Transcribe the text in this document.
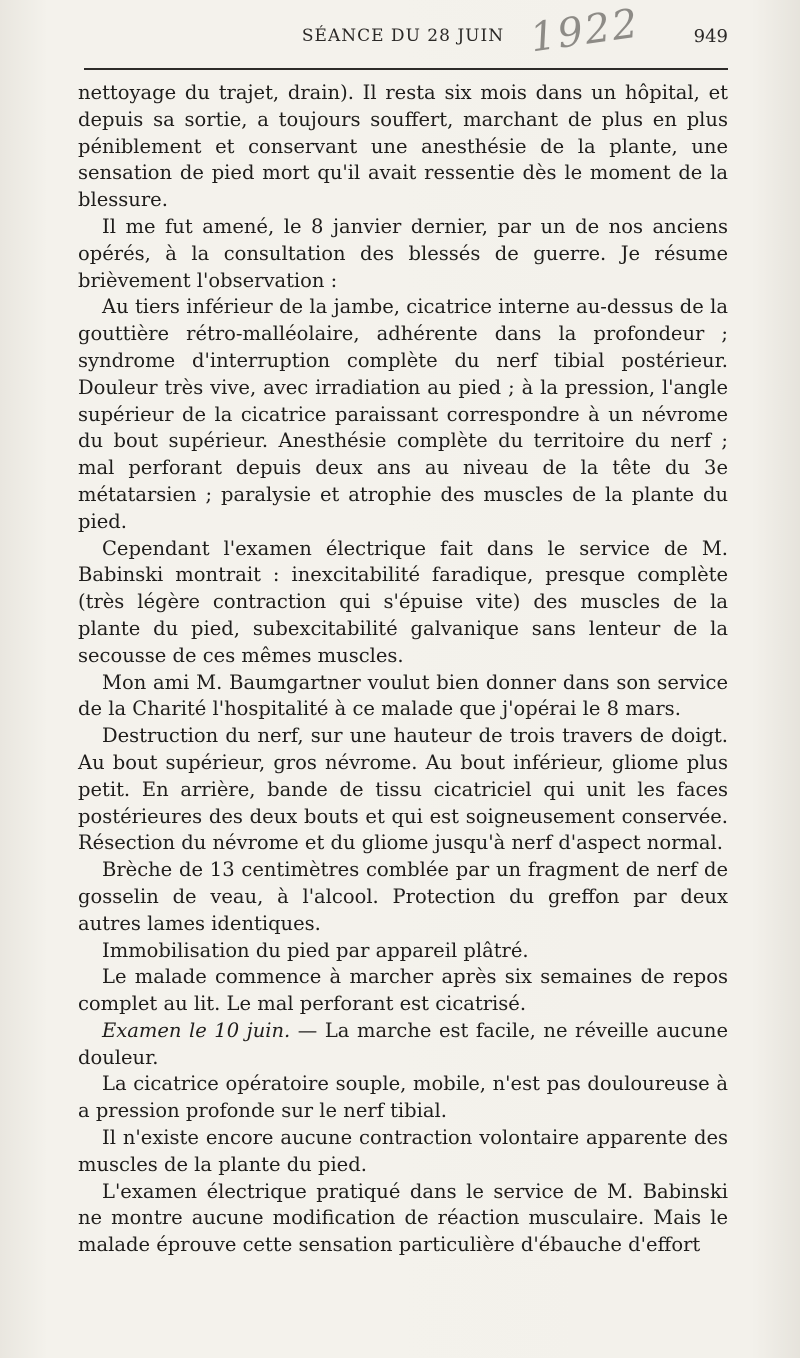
SÉANCE DU 28 JUIN 1922	949

nettoyage du trajet, drain). Il resta six mois dans un hôpital, et depuis sa sortie, a toujours souffert, marchant de plus en plus péniblement et conservant une anesthésie de la plante, une sensation de pied mort qu'il avait ressentie dès le moment de la blessure.

Il me fut amené, le 8 janvier dernier, par un de nos anciens opérés, à la consultation des blessés de guerre. Je résume brièvement l'observation :

Au tiers inférieur de la jambe, cicatrice interne au-dessus de la gouttière rétro-malléolaire, adhérente dans la profondeur ; syndrome d'interruption complète du nerf tibial postérieur. Douleur très vive, avec irradiation au pied ; à la pression, l'angle supérieur de la cicatrice paraissant correspondre à un névrome du bout supérieur. Anesthésie complète du territoire du nerf ; mal perforant depuis deux ans au niveau de la tête du 3e métatarsien ; paralysie et atrophie des muscles de la plante du pied.

Cependant l'examen électrique fait dans le service de M. Babinski montrait : inexcitabilité faradique, presque complète (très légère contraction qui s'épuise vite) des muscles de la plante du pied, subexcitabilité galvanique sans lenteur de la secousse de ces mêmes muscles.

Mon ami M. Baumgartner voulut bien donner dans son service de la Charité l'hospitalité à ce malade que j'opérai le 8 mars.

Destruction du nerf, sur une hauteur de trois travers de doigt. Au bout supérieur, gros névrome. Au bout inférieur, gliome plus petit. En arrière, bande de tissu cicatriciel qui unit les faces postérieures des deux bouts et qui est soigneusement conservée. Résection du névrome et du gliome jusqu'à nerf d'aspect normal.

Brèche de 13 centimètres comblée par un fragment de nerf de gosselin de veau, à l'alcool. Protection du greffon par deux autres lames identiques.

Immobilisation du pied par appareil plâtré.

Le malade commence à marcher après six semaines de repos complet au lit. Le mal perforant est cicatrisé.

Examen le 10 juin. — La marche est facile, ne réveille aucune douleur.

La cicatrice opératoire souple, mobile, n'est pas douloureuse à a pression profonde sur le nerf tibial.

Il n'existe encore aucune contraction volontaire apparente des muscles de la plante du pied.

L'examen électrique pratiqué dans le service de M. Babinski ne montre aucune modification de réaction musculaire. Mais le malade éprouve cette sensation particulière d'ébauche d'effort
